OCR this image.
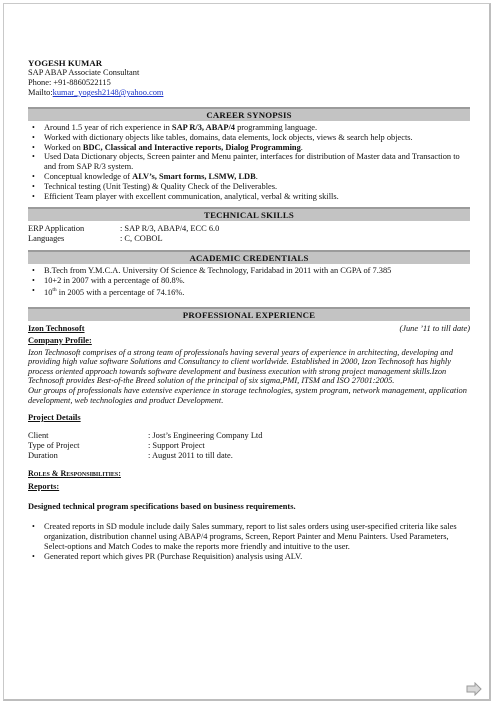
YOGESH KUMAR
SAP ABAP Associate Consultant
Phone: +91-8860522115
Mailto:kumar_yogesh2148@yahoo.com
CAREER SYNOPSIS
• Around 1.5 year of rich experience in SAP R/3, ABAP/4 programming language.
• Worked with dictionary objects like tables, domains, data elements, lock objects, views & search help objects.
• Worked on BDC, Classical and Interactive reports, Dialog Programming.
• Used Data Dictionary objects, Screen painter and Menu painter, interfaces for distribution of Master data and Transaction to and from SAP R/3 system.
• Conceptual knowledge of ALV’s, Smart forms, LSMW, LDB.
• Technical testing (Unit Testing) & Quality Check of the Deliverables.
• Efficient Team player with excellent communication, analytical, verbal & writing skills.
TECHNICAL SKILLS
ERP Application	: SAP R/3, ABAP/4, ECC 6.0
Languages	: C, COBOL
ACADEMIC CREDENTIALS
• B.Tech from Y.M.C.A. University Of Science & Technology, Faridabad in 2011 with an CGPA of 7.385
• 10+2 in 2007 with a percentage of 80.8%.
• 10th in 2005 with a percentage of 74.16%.
PROFESSIONAL EXPERIENCE
Izon Technosoft	(June ’11 to till date)
Company Profile:
Izon Technosoft comprises of a strong team of professionals having several years of experience in architecting, developing and providing high value software Solutions and Consultancy to client worldwide. Established in 2000, Izon Technosoft has highly process oriented approach towards software development and business execution with strong project management skills.Izon Technosoft provides Best-of-the Breed solution of the principal of six sigma,PMI, ITSM and ISO 27001:2005.
Our groups of professionals have extensive experience in storage technologies, system program, network management, application development, web technologies and product Development.
Project Details
Client	: Jost’s Engineering Company Ltd
Type of Project	: Support Project
Duration	: August 2011 to till date.
Roles & Responsibilities:
Reports:
Designed technical program specifications based on business requirements.
• Created reports in SD module include daily Sales summary, report to list sales orders using user-specified criteria like sales organization, distribution channel using ABAP/4 programs, Screen, Report Painter and Menu Painters. Used Parameters, Select-options and Match Codes to make the reports more friendly and intuitive to the user.
• Generated report which gives PR (Purchase Requisition) analysis using ALV.
